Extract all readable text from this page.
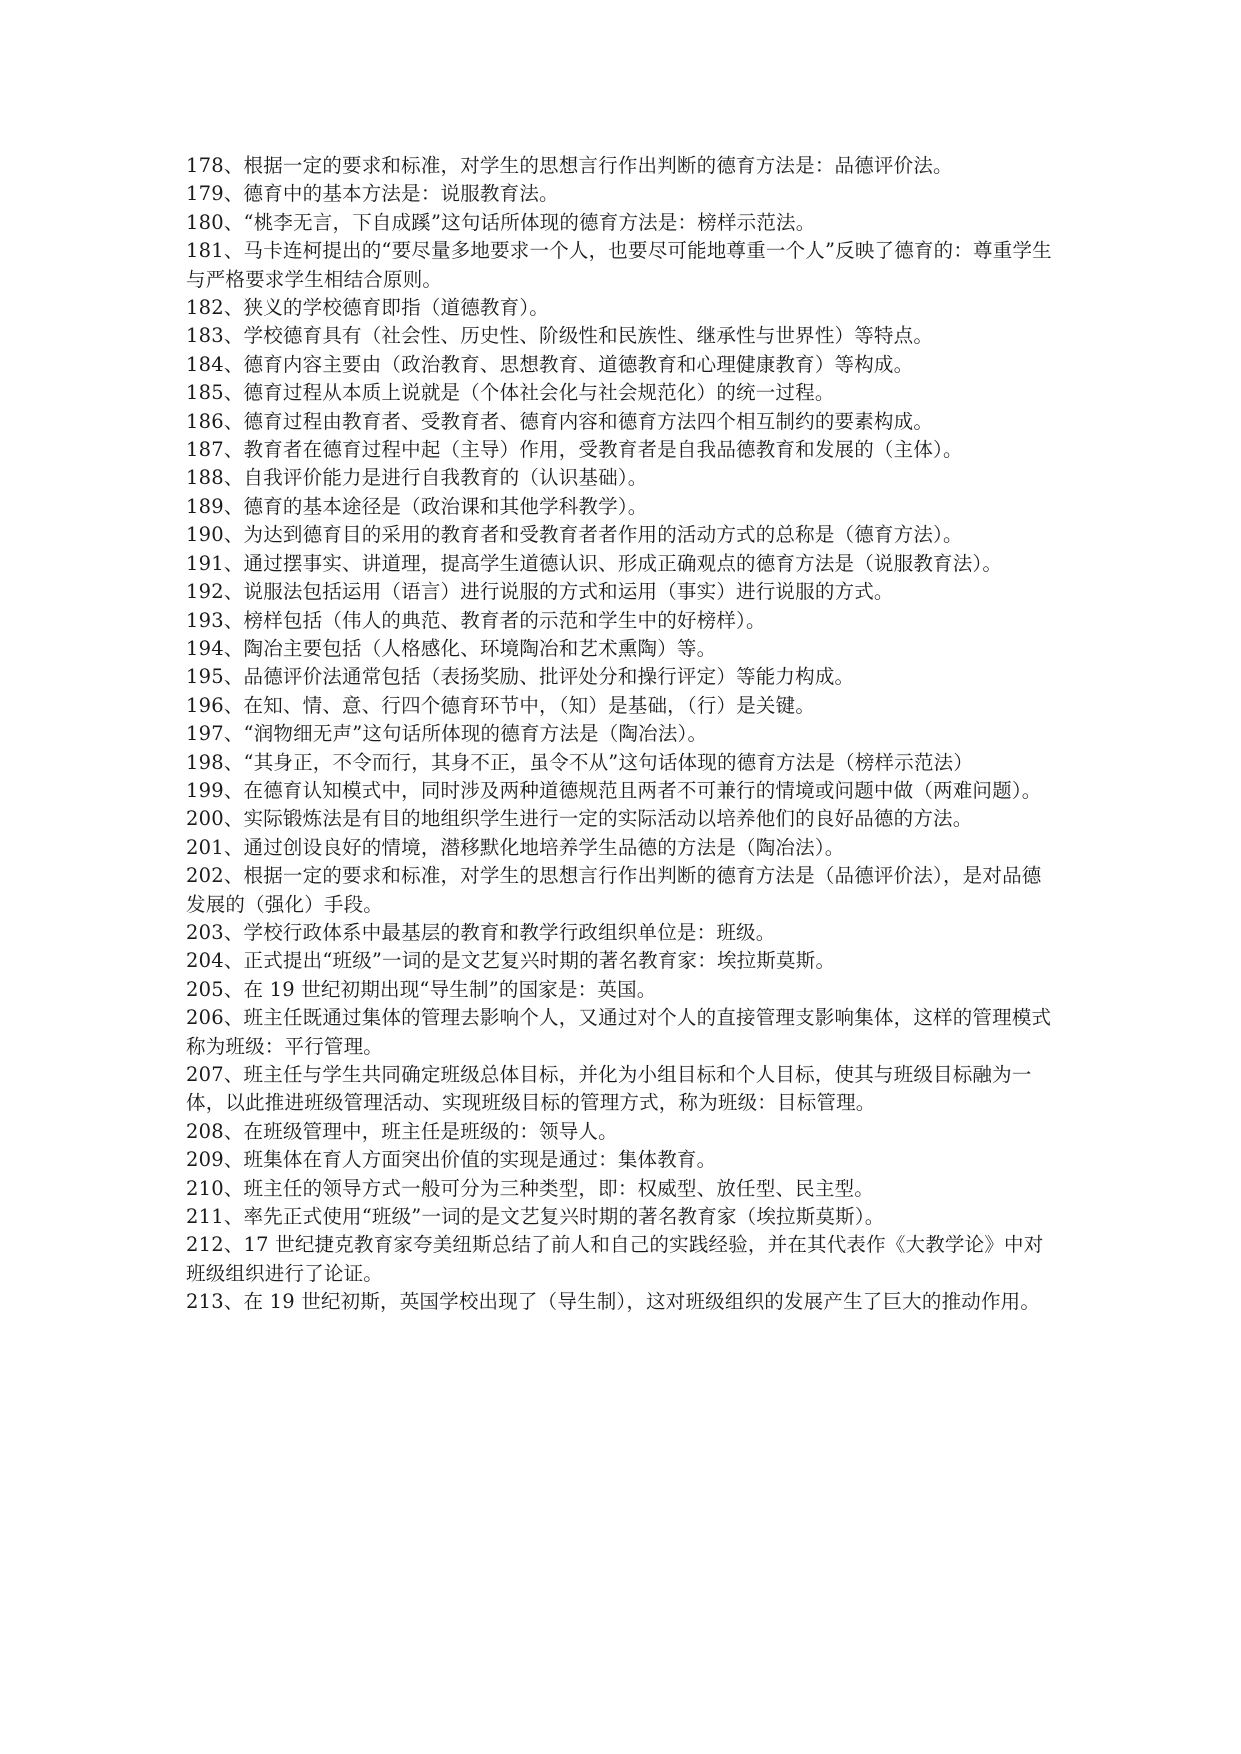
178、根据一定的要求和标准，对学生的思想言行作出判断的德育方法是：品德评价法。

179、德育中的基本方法是：说服教育法。

180、“桃李无言，下自成蹊”这句话所体现的德育方法是：榜样示范法。

181、马卡连柯提出的“要尽量多地要求一个人，也要尽可能地尊重一个人”反映了德育的：尊重学生与严格要求学生相结合原则。

182、狭义的学校德育即指（道德教育）。

183、学校德育具有（社会性、历史性、阶级性和民族性、继承性与世界性）等特点。

184、德育内容主要由（政治教育、思想教育、道德教育和心理健康教育）等构成。

185、德育过程从本质上说就是（个体社会化与社会规范化）的统一过程。

186、德育过程由教育者、受教育者、德育内容和德育方法四个相互制约的要素构成。

187、教育者在德育过程中起（主导）作用，受教育者是自我品德教育和发展的（主体）。

188、自我评价能力是进行自我教育的（认识基础）。

189、德育的基本途径是（政治课和其他学科教学）。

190、为达到德育目的采用的教育者和受教育者者作用的活动方式的总称是（德育方法）。

191、通过摆事实、讲道理，提高学生道德认识、形成正确观点的德育方法是（说服教育法）。

192、说服法包括运用（语言）进行说服的方式和运用（事实）进行说服的方式。

193、榜样包括（伟人的典范、教育者的示范和学生中的好榜样）。

194、陶冶主要包括（人格感化、环境陶冶和艺术熏陶）等。

195、品德评价法通常包括（表扬奖励、批评处分和操行评定）等能力构成。

196、在知、情、意、行四个德育环节中，（知）是基础，（行）是关键。

197、“润物细无声”这句话所体现的德育方法是（陶冶法）。

198、“其身正，不令而行，其身不正，虽令不从”这句话体现的德育方法是（榜样示范法）

199、在德育认知模式中，同时涉及两种道德规范且两者不可兼行的情境或问题中做（两难问题）。

200、实际锻炼法是有目的地组织学生进行一定的实际活动以培养他们的良好品德的方法。

201、通过创设良好的情境，潜移默化地培养学生品德的方法是（陶冶法）。

202、根据一定的要求和标准，对学生的思想言行作出判断的德育方法是（品德评价法），是对品德发展的（强化）手段。

203、学校行政体系中最基层的教育和教学行政组织单位是：班级。

204、正式提出“班级”一词的是文艺复兴时期的著名教育家：埃拉斯莫斯。

205、在 19 世纪初期出现“导生制”的国家是：英国。

206、班主任既通过集体的管理去影响个人，又通过对个人的直接管理支影响集体，这样的管理模式称为班级：平行管理。

207、班主任与学生共同确定班级总体目标，并化为小组目标和个人目标，使其与班级目标融为一体，以此推进班级管理活动、实现班级目标的管理方式，称为班级：目标管理。

208、在班级管理中，班主任是班级的：领导人。

209、班集体在育人方面突出价值的实现是通过：集体教育。

210、班主任的领导方式一般可分为三种类型，即：权威型、放任型、民主型。

211、率先正式使用“班级”一词的是文艺复兴时期的著名教育家（埃拉斯莫斯）。

212、17 世纪捷克教育家夸美纽斯总结了前人和自己的实践经验，并在其代表作《大教学论》中对班级组织进行了论证。

213、在 19 世纪初斯，英国学校出现了（导生制），这对班级组织的发展产生了巨大的推动作用。
